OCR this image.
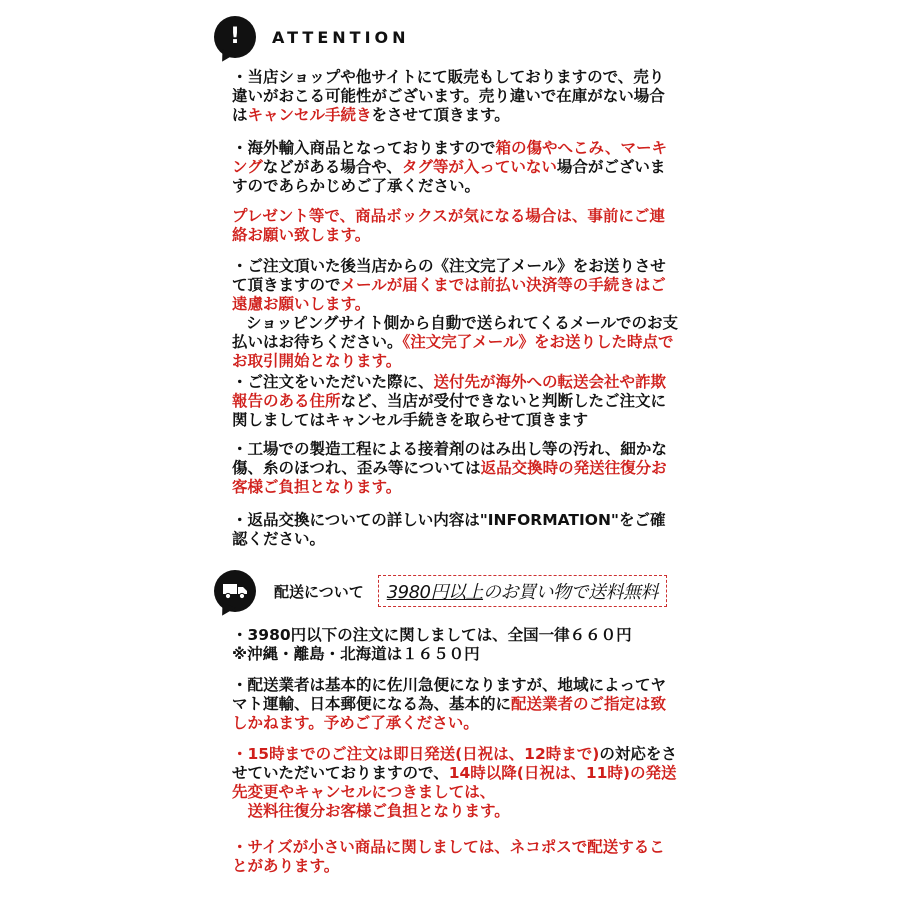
! ATTENTION

・当店ショップや他サイトにて販売もしておりますので、売り違いがおこる可能性がございます。売り違いで在庫がない場合はキャンセル手続きをさせて頂きます。

・海外輸入商品となっておりますので箱の傷やへこみ、マーキングなどがある場合や、タグ等が入っていない場合がございますのであらかじめご了承ください。

プレゼント等で、商品ボックスが気になる場合は、事前にご連絡お願い致します。

・ご注文頂いた後当店からの《注文完了メール》をお送りさせて頂きますのでメールが届くまでは前払い決済等の手続きはご遠慮お願いします。
ショッピングサイト側から自動で送られてくるメールでのお支払いはお待ちください。《注文完了メール》をお送りした時点でお取引開始となります。

・ご注文をいただいた際に、送付先が海外への転送会社や詐欺報告のある住所など、当店が受付できないと判断したご注文に関しましてはキャンセル手続きを取らせて頂きます

・工場での製造工程による接着剤のはみ出し等の汚れ、細かな傷、糸のほつれ、歪み等については返品交換時の発送往復分お客様ご負担となります。

・返品交換についての詳しい内容は"INFORMATION"をご確認ください。

配送について	3980円以上のお買い物で送料無料

・3980円以下の注文に関しましては、全国一律６６０円
※沖縄・離島・北海道は１６５０円

・配送業者は基本的に佐川急便になりますが、地域によってヤマト運輸、日本郵便になる為、基本的に配送業者のご指定は致しかねます。予めご了承ください。

・15時までのご注文は即日発送(日祝は、12時まで)の対応をさせていただいておりますので、14時以降(日祝は、11時)の発送先変更やキャンセルにつきましては、
　送料往復分お客様ご負担となります。

・サイズが小さい商品に関しましては、ネコポスで配送することがあります。
